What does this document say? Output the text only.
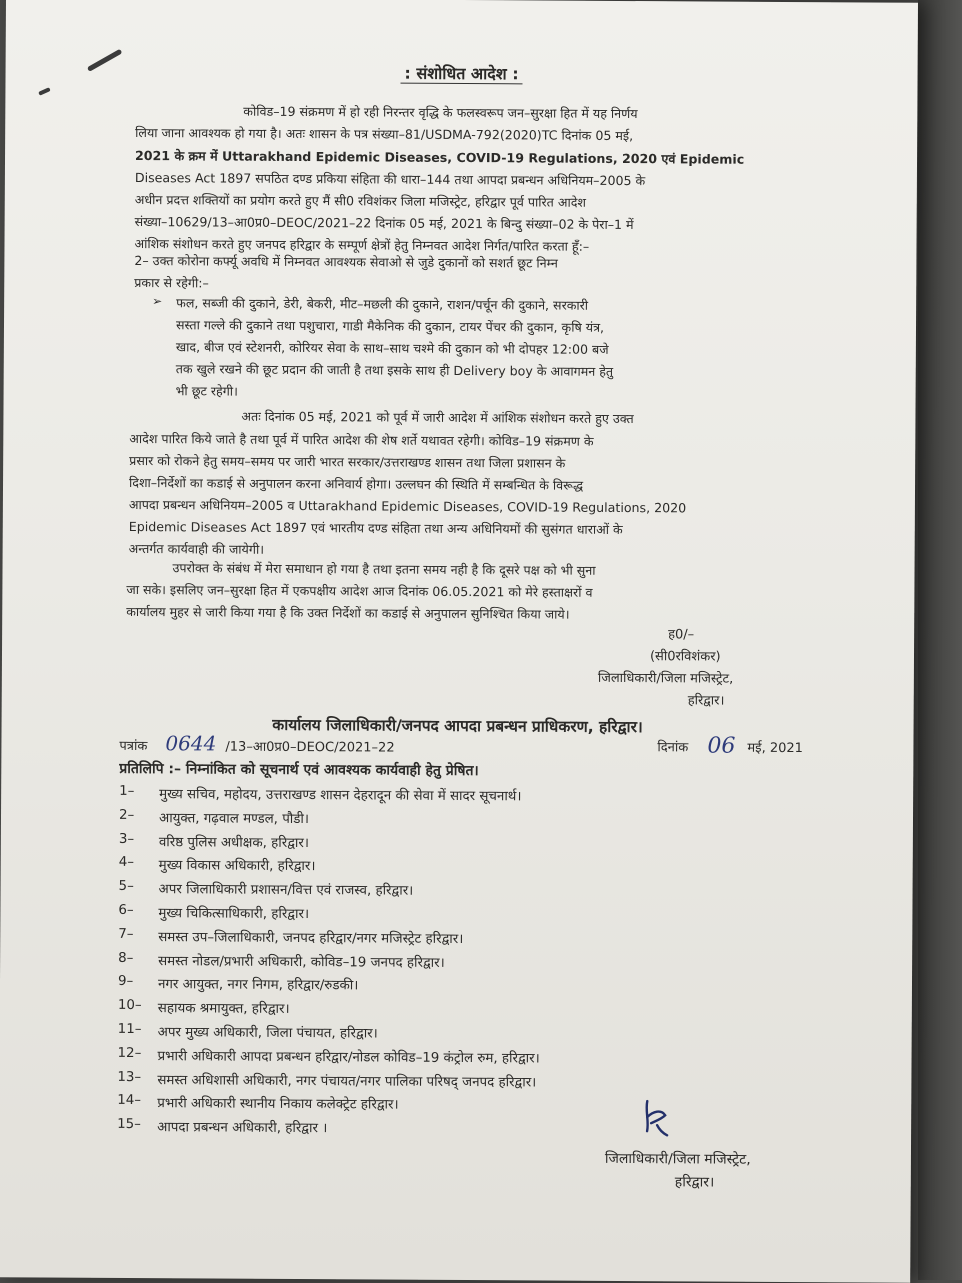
: संशोधित आदेश :
कोविड–19 संक्रमण में हो रही निरन्तर वृद्धि के फलस्वरूप जन–सुरक्षा हित में यह निर्णय
लिया जाना आवश्यक हो गया है। अतः शासन के पत्र संख्या–81/USDMA-792(2020)TC दिनांक 05 मई,
2021 के क्रम में Uttarakhand Epidemic Diseases, COVID-19 Regulations, 2020 एवं Epidemic
Diseases Act 1897 सपठित दण्ड प्रकिया संहिता की धारा–144 तथा आपदा प्रबन्धन अधिनियम–2005 के
अधीन प्रदत्त शक्तियों का प्रयोग करते हुए मैं सी0 रविशंकर जिला मजिस्ट्रेट, हरिद्वार पूर्व पारित आदेश
संख्या–10629/13–आ0प्र0–DEOC/2021–22 दिनांक 05 मई, 2021 के बिन्दु संख्या–02 के पेरा–1 में
आंशिक संशोधन करते हुए जनपद हरिद्वार के सम्पूर्ण क्षेत्रों हेतु निम्नवत आदेश निर्गत/पारित करता हूँ:–
2– उक्त कोरोना कर्फ्यू अवधि में निम्नवत आवश्यक सेवाओ से जुडे दुकानों को सशर्त छूट निम्न
प्रकार से रहेगी:–
➢ फल, सब्जी की दुकाने, डेरी, बेकरी, मीट–मछली की दुकाने, राशन/पर्चून की दुकाने, सरकारी
सस्ता गल्ले की दुकाने तथा पशुचारा, गाडी मैकेनिक की दुकान, टायर पेंचर की दुकान, कृषि यंत्र,
खाद, बीज एवं स्टेशनरी, कोरियर सेवा के साथ–साथ चश्मे की दुकान को भी दोपहर 12:00 बजे
तक खुले रखने की छूट प्रदान की जाती है तथा इसके साथ ही Delivery boy के आवागमन हेतु
भी छूट रहेगी।
अतः दिनांक 05 मई, 2021 को पूर्व में जारी आदेश में आंशिक संशोधन करते हुए उक्त
आदेश पारित किये जाते है तथा पूर्व में पारित आदेश की शेष शर्ते यथावत रहेगी। कोविड–19 संक्रमण के
प्रसार को रोकने हेतु समय–समय पर जारी भारत सरकार/उत्तराखण्ड शासन तथा जिला प्रशासन के
दिशा–निर्देशों का कडाई से अनुपालन करना अनिवार्य होगा। उल्लघन की स्थिति में सम्बन्धित के विरूद्ध
आपदा प्रबन्धन अधिनियम–2005 व Uttarakhand Epidemic Diseases, COVID-19 Regulations, 2020
Epidemic Diseases Act 1897 एवं भारतीय दण्ड संहिता तथा अन्य अधिनियमों की सुसंगत धाराओं के
अन्तर्गत कार्यवाही की जायेगी।
उपरोक्त के संबंध में मेरा समाधान हो गया है तथा इतना समय नही है कि दूसरे पक्ष को भी सुना
जा सके। इसलिए जन–सुरक्षा हित में एकपक्षीय आदेश आज दिनांक 06.05.2021 को मेरे हस्ताक्षरों व
कार्यालय मुहर से जारी किया गया है कि उक्त निर्देशों का कडाई से अनुपालन सुनिश्चित किया जाये।
ह0/–
(सी0रविशंकर)
जिलाधिकारी/जिला मजिस्ट्रेट,
हरिद्वार।
कार्यालय जिलाधिकारी/जनपद आपदा प्रबन्धन प्राधिकरण, हरिद्वार।
पत्रांक 0644 /13–आ0प्र0–DEOC/2021–22	दिनांक 06 मई, 2021
प्रतिलिपि :– निम्नांकित को सूचनार्थ एवं आवश्यक कार्यवाही हेतु प्रेषित।
1–	मुख्य सचिव, महोदय, उत्तराखण्ड शासन देहरादून की सेवा में सादर सूचनार्थ।
2–	आयुक्त, गढ़वाल मण्डल, पौडी।
3–	वरिष्ठ पुलिस अधीक्षक, हरिद्वार।
4–	मुख्य विकास अधिकारी, हरिद्वार।
5–	अपर जिलाधिकारी प्रशासन/वित्त एवं राजस्व, हरिद्वार।
6–	मुख्य चिकित्साधिकारी, हरिद्वार।
7–	समस्त उप–जिलाधिकारी, जनपद हरिद्वार/नगर मजिस्ट्रेट हरिद्वार।
8–	समस्त नोडल/प्रभारी अधिकारी, कोविड–19 जनपद हरिद्वार।
9–	नगर आयुक्त, नगर निगम, हरिद्वार/रुडकी।
10–	सहायक श्रमायुक्त, हरिद्वार।
11–	अपर मुख्य अधिकारी, जिला पंचायत, हरिद्वार।
12–	प्रभारी अधिकारी आपदा प्रबन्धन हरिद्वार/नोडल कोविड–19 कंट्रोल रुम, हरिद्वार।
13–	समस्त अधिशासी अधिकारी, नगर पंचायत/नगर पालिका परिषद् जनपद हरिद्वार।
14–	प्रभारी अधिकारी स्थानीय निकाय कलेक्ट्रेट हरिद्वार।
15–	आपदा प्रबन्धन अधिकारी, हरिद्वार ।
जिलाधिकारी/जिला मजिस्ट्रेट,
हरिद्वार।
